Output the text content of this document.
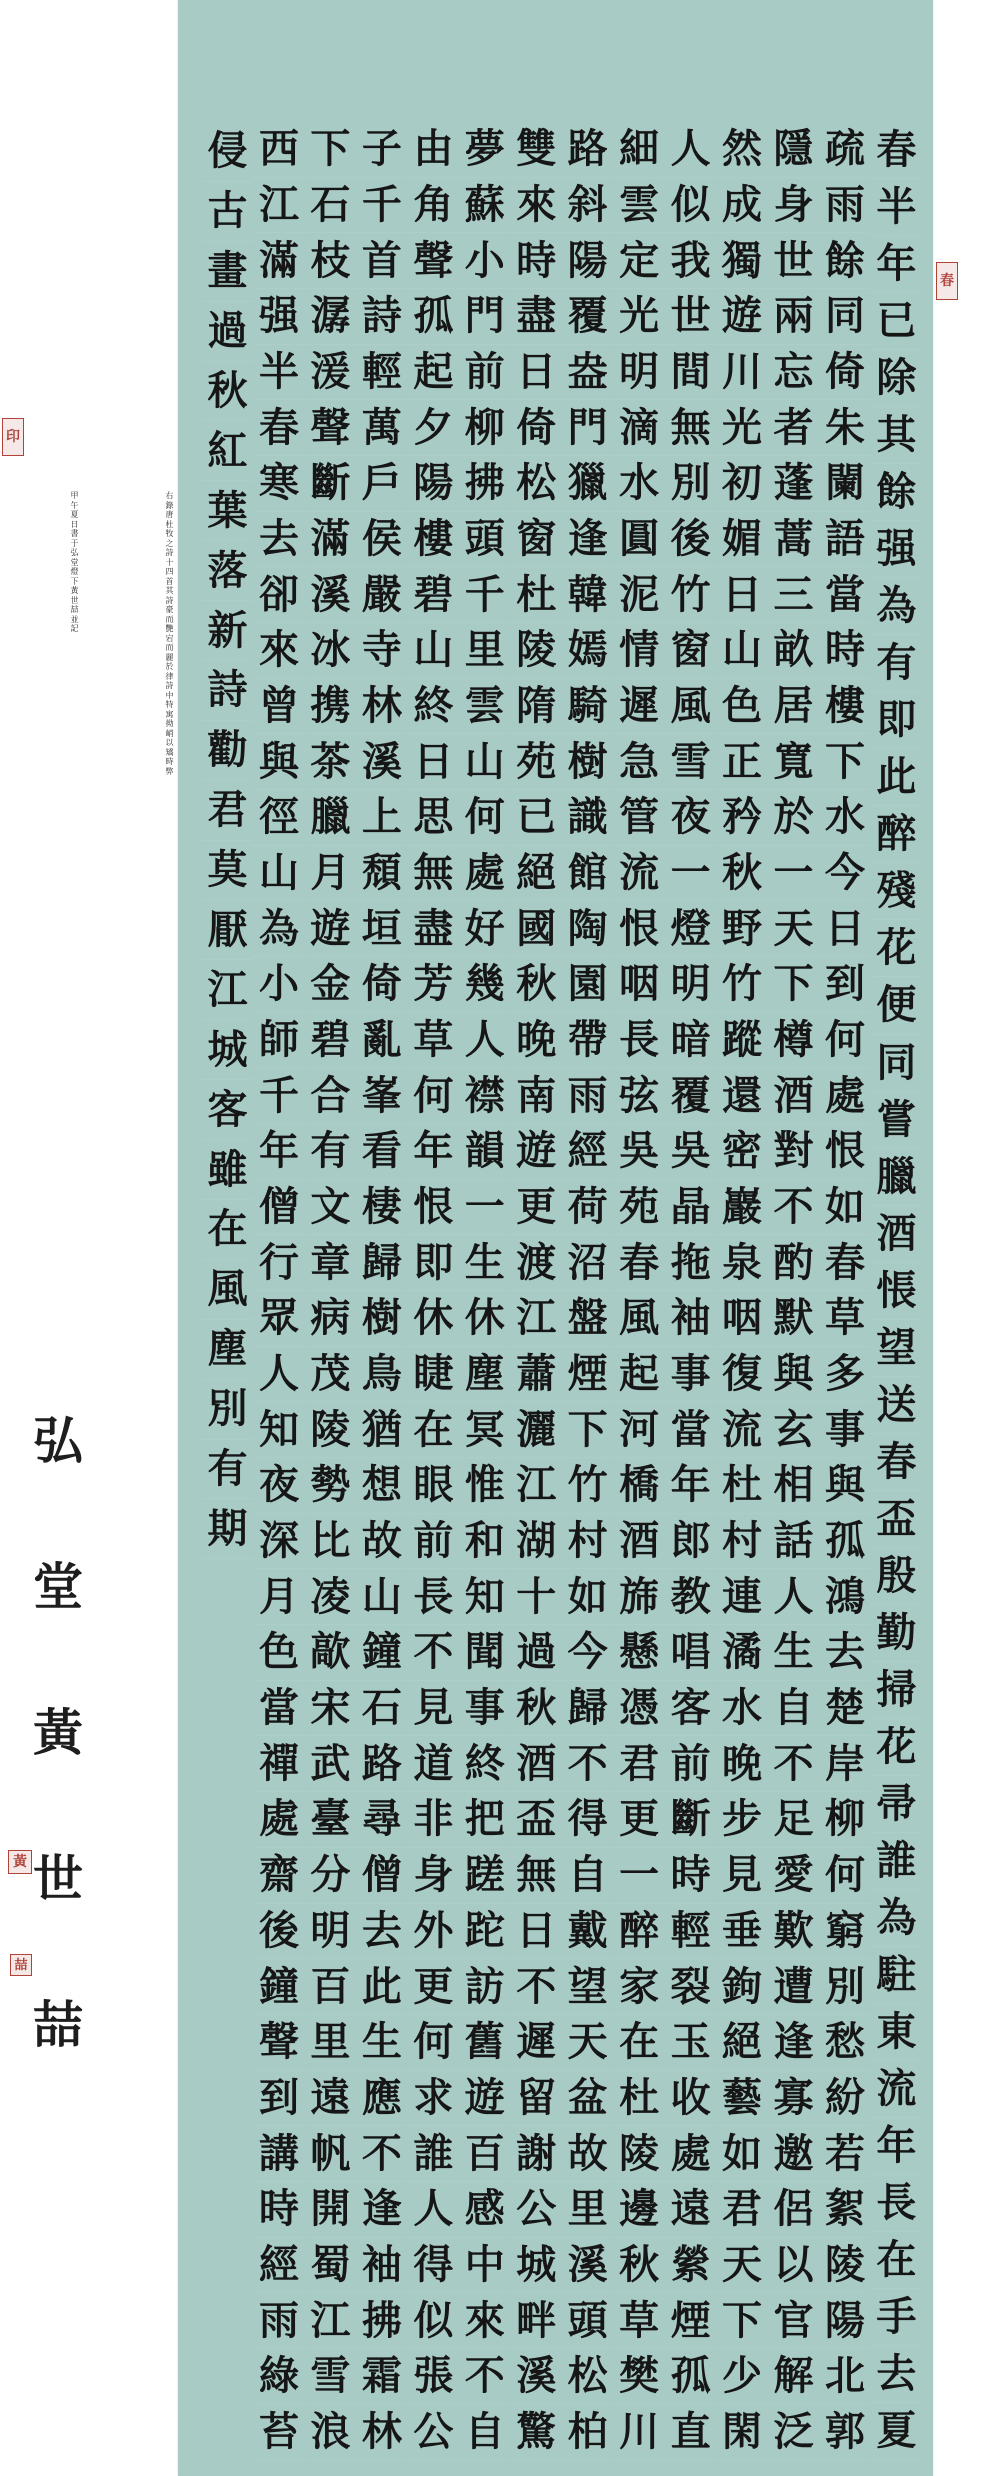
春
半
年
已
除
其
餘
强
為
有
即
此
醉
殘
花
便
同
嘗
臘
酒
悵
望
送
春
盃
殷
勤
掃
花
帚
誰
為
駐
東
流
年
長
在
手
去
夏
疏
雨
餘
同
倚
朱
闌
語
當
時
樓
下
水
今
日
到
何
處
恨
如
春
草
多
事
與
孤
鴻
去
楚
岸
柳
何
窮
別
愁
紛
若
絮
陵
陽
北
郭
隱
身
世
兩
忘
者
蓬
蒿
三
畝
居
寬
於
一
天
下
樽
酒
對
不
酌
默
與
玄
相
話
人
生
自
不
足
愛
歎
遭
逢
寡
邀
侶
以
官
解
泛
然
成
獨
遊
川
光
初
媚
日
山
色
正
矜
秋
野
竹
蹤
還
密
巖
泉
咽
復
流
杜
村
連
潏
水
晚
步
見
垂
鉤
絕
藝
如
君
天
下
少
閑
人
似
我
世
間
無
別
後
竹
窗
風
雪
夜
一
燈
明
暗
覆
吳
晶
拖
袖
事
當
年
郎
教
唱
客
前
斷
時
輕
裂
玉
收
處
遠
縈
煙
孤
直
細
雲
定
光
明
滴
水
圓
泥
情
遲
急
管
流
恨
咽
長
弦
吳
苑
春
風
起
河
橋
酒
旆
懸
憑
君
更
一
醉
家
在
杜
陵
邊
秋
草
樊
川
路
斜
陽
覆
盎
門
獵
逢
韓
嫣
騎
樹
識
館
陶
園
帶
雨
經
荷
沼
盤
煙
下
竹
村
如
今
歸
不
得
自
戴
望
天
盆
故
里
溪
頭
松
柏
雙
來
時
盡
日
倚
松
窗
杜
陵
隋
苑
已
絕
國
秋
晚
南
遊
更
渡
江
蕭
灑
江
湖
十
過
秋
酒
盃
無
日
不
遲
留
謝
公
城
畔
溪
驚
夢
蘇
小
門
前
柳
拂
頭
千
里
雲
山
何
處
好
幾
人
襟
韻
一
生
休
塵
冥
惟
和
知
聞
事
終
把
蹉
跎
訪
舊
遊
百
感
中
來
不
自
由
角
聲
孤
起
夕
陽
樓
碧
山
終
日
思
無
盡
芳
草
何
年
恨
即
休
睫
在
眼
前
長
不
見
道
非
身
外
更
何
求
誰
人
得
似
張
公
子
千
首
詩
輕
萬
戶
侯
嚴
寺
林
溪
上
頹
垣
倚
亂
峯
看
棲
歸
樹
鳥
猶
想
故
山
鐘
石
路
尋
僧
去
此
生
應
不
逢
袖
拂
霜
林
下
石
枝
潺
湲
聲
斷
滿
溪
冰
携
茶
臘
月
遊
金
碧
合
有
文
章
病
茂
陵
勢
比
凌
歊
宋
武
臺
分
明
百
里
遠
帆
開
蜀
江
雪
浪
西
江
滿
强
半
春
寒
去
卻
來
曾
與
徑
山
為
小
師
千
年
僧
行
眾
人
知
夜
深
月
色
當
禪
處
齋
後
鐘
聲
到
講
時
經
雨
綠
苔
侵
古
畫
過
秋
紅
葉
落
新
詩
勸
君
莫
厭
江
城
客
雖
在
風
塵
別
有
期
春
印
右
錄
唐
杜
牧
之
詩
十
四
首
其
詩
豪
而
艷
宕
而
麗
於
律
詩
中
特
寓
拗
峭
以
矯
時
弊
甲
午
夏
日
書
于
弘
堂
燈
下
黃
世
喆
並
記
弘
堂
黃
世
喆
黃
喆
